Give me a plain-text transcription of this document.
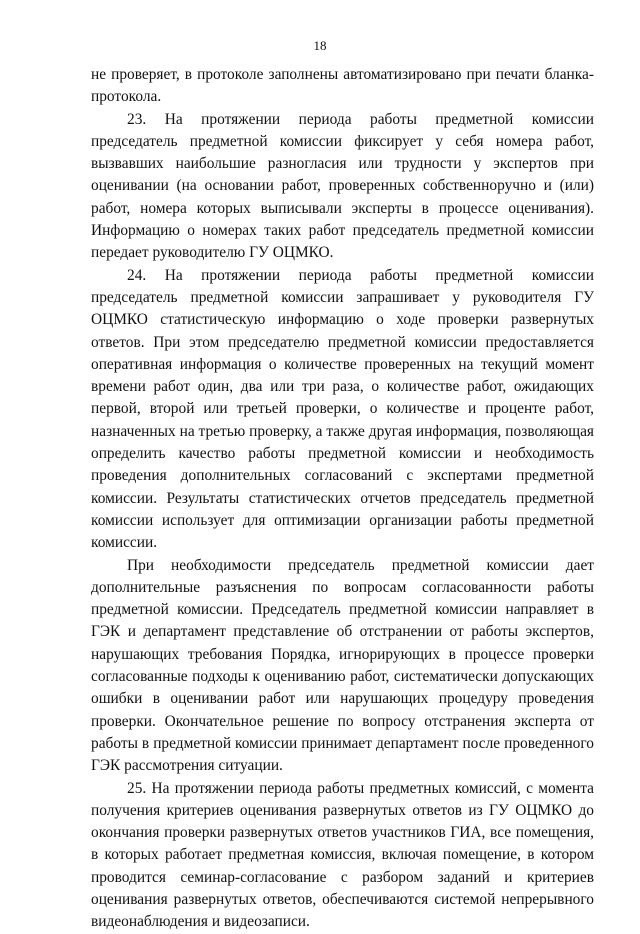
18

не проверяет, в протоколе заполнены автоматизировано при печати бланка-протокола.

23. На протяжении периода работы предметной комиссии председатель предметной комиссии фиксирует у себя номера работ, вызвавших наибольшие разногласия или трудности у экспертов при оценивании (на основании работ, проверенных собственноручно и (или) работ, номера которых выписывали эксперты в процессе оценивания). Информацию о номерах таких работ председатель предметной комиссии передает руководителю ГУ ОЦМКО.

24. На протяжении периода работы предметной комиссии председатель предметной комиссии запрашивает у руководителя ГУ ОЦМКО статистическую информацию о ходе проверки развернутых ответов. При этом председателю предметной комиссии предоставляется оперативная информация о количестве проверенных на текущий момент времени работ один, два или три раза, о количестве работ, ожидающих первой, второй или третьей проверки, о количестве и проценте работ, назначенных на третью проверку, а также другая информация, позволяющая определить качество работы предметной комиссии и необходимость проведения дополнительных согласований с экспертами предметной комиссии. Результаты статистических отчетов председатель предметной комиссии использует для оптимизации организации работы предметной комиссии.

При необходимости председатель предметной комиссии дает дополнительные разъяснения по вопросам согласованности работы предметной комиссии. Председатель предметной комиссии направляет в ГЭК и департамент представление об отстранении от работы экспертов, нарушающих требования Порядка, игнорирующих в процессе проверки согласованные подходы к оцениванию работ, систематически допускающих ошибки в оценивании работ или нарушающих процедуру проведения проверки. Окончательное решение по вопросу отстранения эксперта от работы в предметной комиссии принимает департамент после проведенного ГЭК рассмотрения ситуации.

25. На протяжении периода работы предметных комиссий, с момента получения критериев оценивания развернутых ответов из ГУ ОЦМКО до окончания проверки развернутых ответов участников ГИА, все помещения, в которых работает предметная комиссия, включая помещение, в котором проводится семинар-согласование с разбором заданий и критериев оценивания развернутых ответов, обеспечиваются системой непрерывного видеонаблюдения и видеозаписи.
